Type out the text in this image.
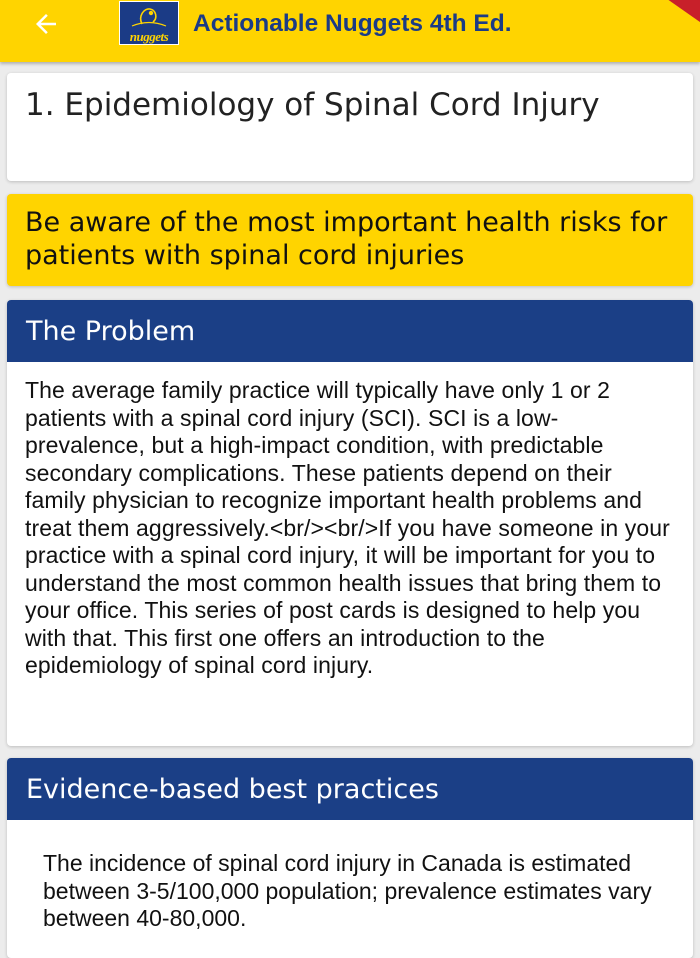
nuggets	Actionable Nuggets 4th Ed.
1. Epidemiology of Spinal Cord Injury

Be aware of the most important health risks for patients with spinal cord injuries

The Problem

The average family practice will typically have only 1 or 2 patients with a spinal cord injury (SCI). SCI is a low-prevalence, but a high-impact condition, with predictable secondary complications. These patients depend on their family physician to recognize important health problems and treat them aggressively.<br/><br/>If you have someone in your practice with a spinal cord injury, it will be important for you to understand the most common health issues that bring them to your office. This series of post cards is designed to help you with that. This first one offers an introduction to the epidemiology of spinal cord injury.

Evidence-based best practices

The incidence of spinal cord injury in Canada is estimated between 3-5/100,000 population; prevalence estimates vary between 40-80,000.
